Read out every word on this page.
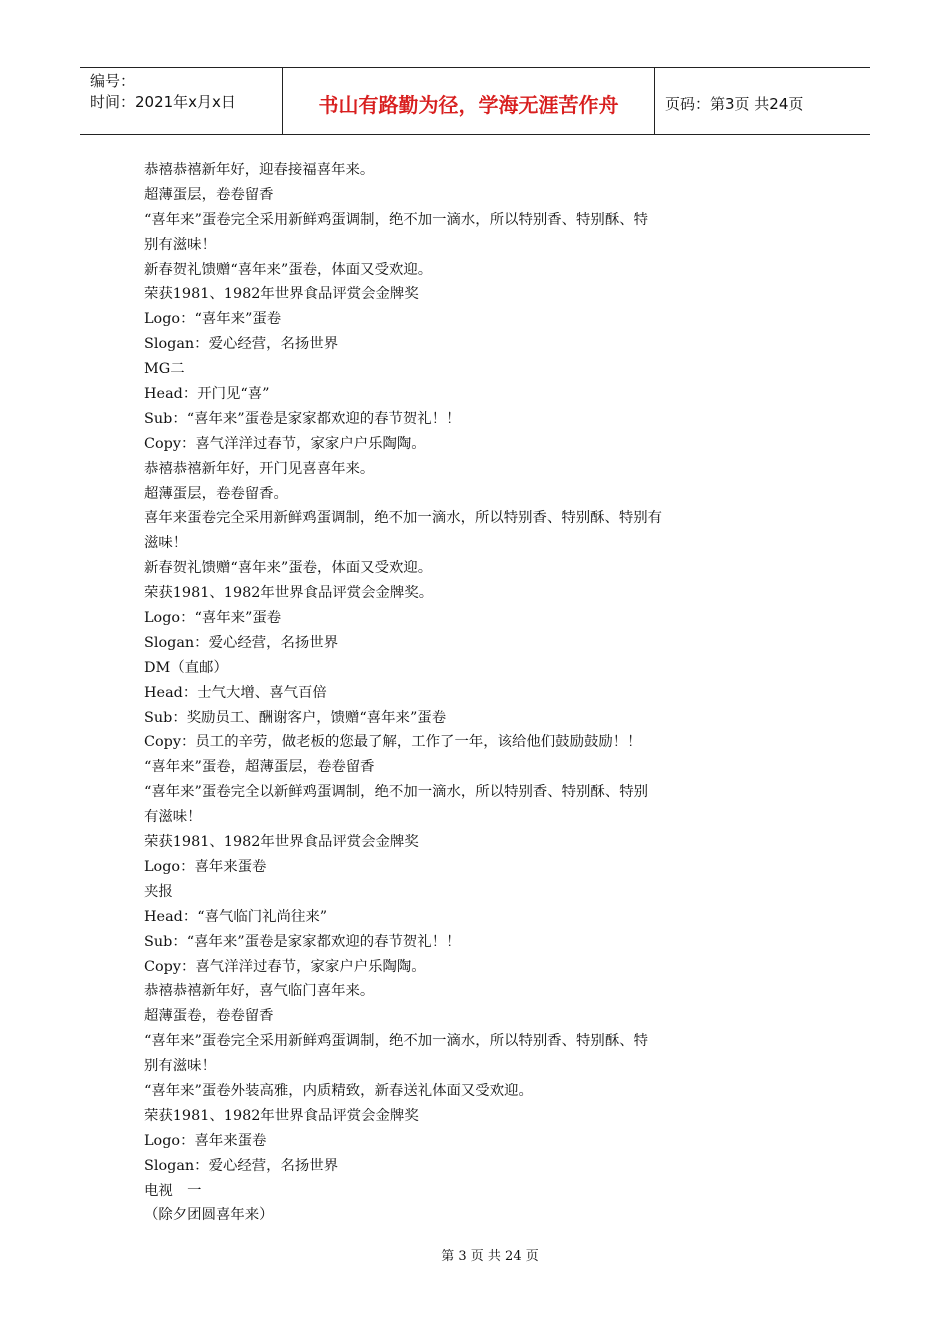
编号：
时间：2021年x月x日	书山有路勤为径，学海无涯苦作舟	页码：第3页 共24页
恭禧恭禧新年好，迎春接福喜年来。
超薄蛋层，卷卷留香
“喜年来”蛋卷完全采用新鲜鸡蛋调制，绝不加一滴水，所以特别香、特别酥、特
别有滋味！
新春贺礼馈赠“喜年来”蛋卷，体面又受欢迎。
荣获1981、1982年世界食品评赏会金牌奖
Logo：“喜年来”蛋卷
Slogan：爱心经营，名扬世界
MG二
Head：开门见“喜”
Sub：“喜年来”蛋卷是家家都欢迎的春节贺礼！！
Copy：喜气洋洋过春节，家家户户乐陶陶。
恭禧恭禧新年好，开门见喜喜年来。
超薄蛋层，卷卷留香。
喜年来蛋卷完全采用新鲜鸡蛋调制，绝不加一滴水，所以特别香、特别酥、特别有
滋味！
新春贺礼馈赠“喜年来”蛋卷，体面又受欢迎。
荣获1981、1982年世界食品评赏会金牌奖。
Logo：“喜年来”蛋卷
Slogan：爱心经营，名扬世界
DM（直邮）
Head：士气大增、喜气百倍
Sub：奖励员工、酬谢客户，馈赠“喜年来”蛋卷
Copy：员工的辛劳，做老板的您最了解，工作了一年，该给他们鼓励鼓励！！
“喜年来”蛋卷，超薄蛋层，卷卷留香
“喜年来”蛋卷完全以新鲜鸡蛋调制，绝不加一滴水，所以特别香、特别酥、特别
有滋味！
荣获1981、1982年世界食品评赏会金牌奖
Logo：喜年来蛋卷
夹报
Head：“喜气临门礼尚往来”
Sub：“喜年来”蛋卷是家家都欢迎的春节贺礼！！
Copy：喜气洋洋过春节，家家户户乐陶陶。
恭禧恭禧新年好，喜气临门喜年来。
超薄蛋卷，卷卷留香
“喜年来”蛋卷完全采用新鲜鸡蛋调制，绝不加一滴水，所以特别香、特别酥、特
别有滋味！
“喜年来”蛋卷外装高雅，内质精致，新春送礼体面又受欢迎。
荣获1981、1982年世界食品评赏会金牌奖
Logo：喜年来蛋卷
Slogan：爱心经营，名扬世界
电视　一
（除夕团圆喜年来）
第 3 页 共 24 页
